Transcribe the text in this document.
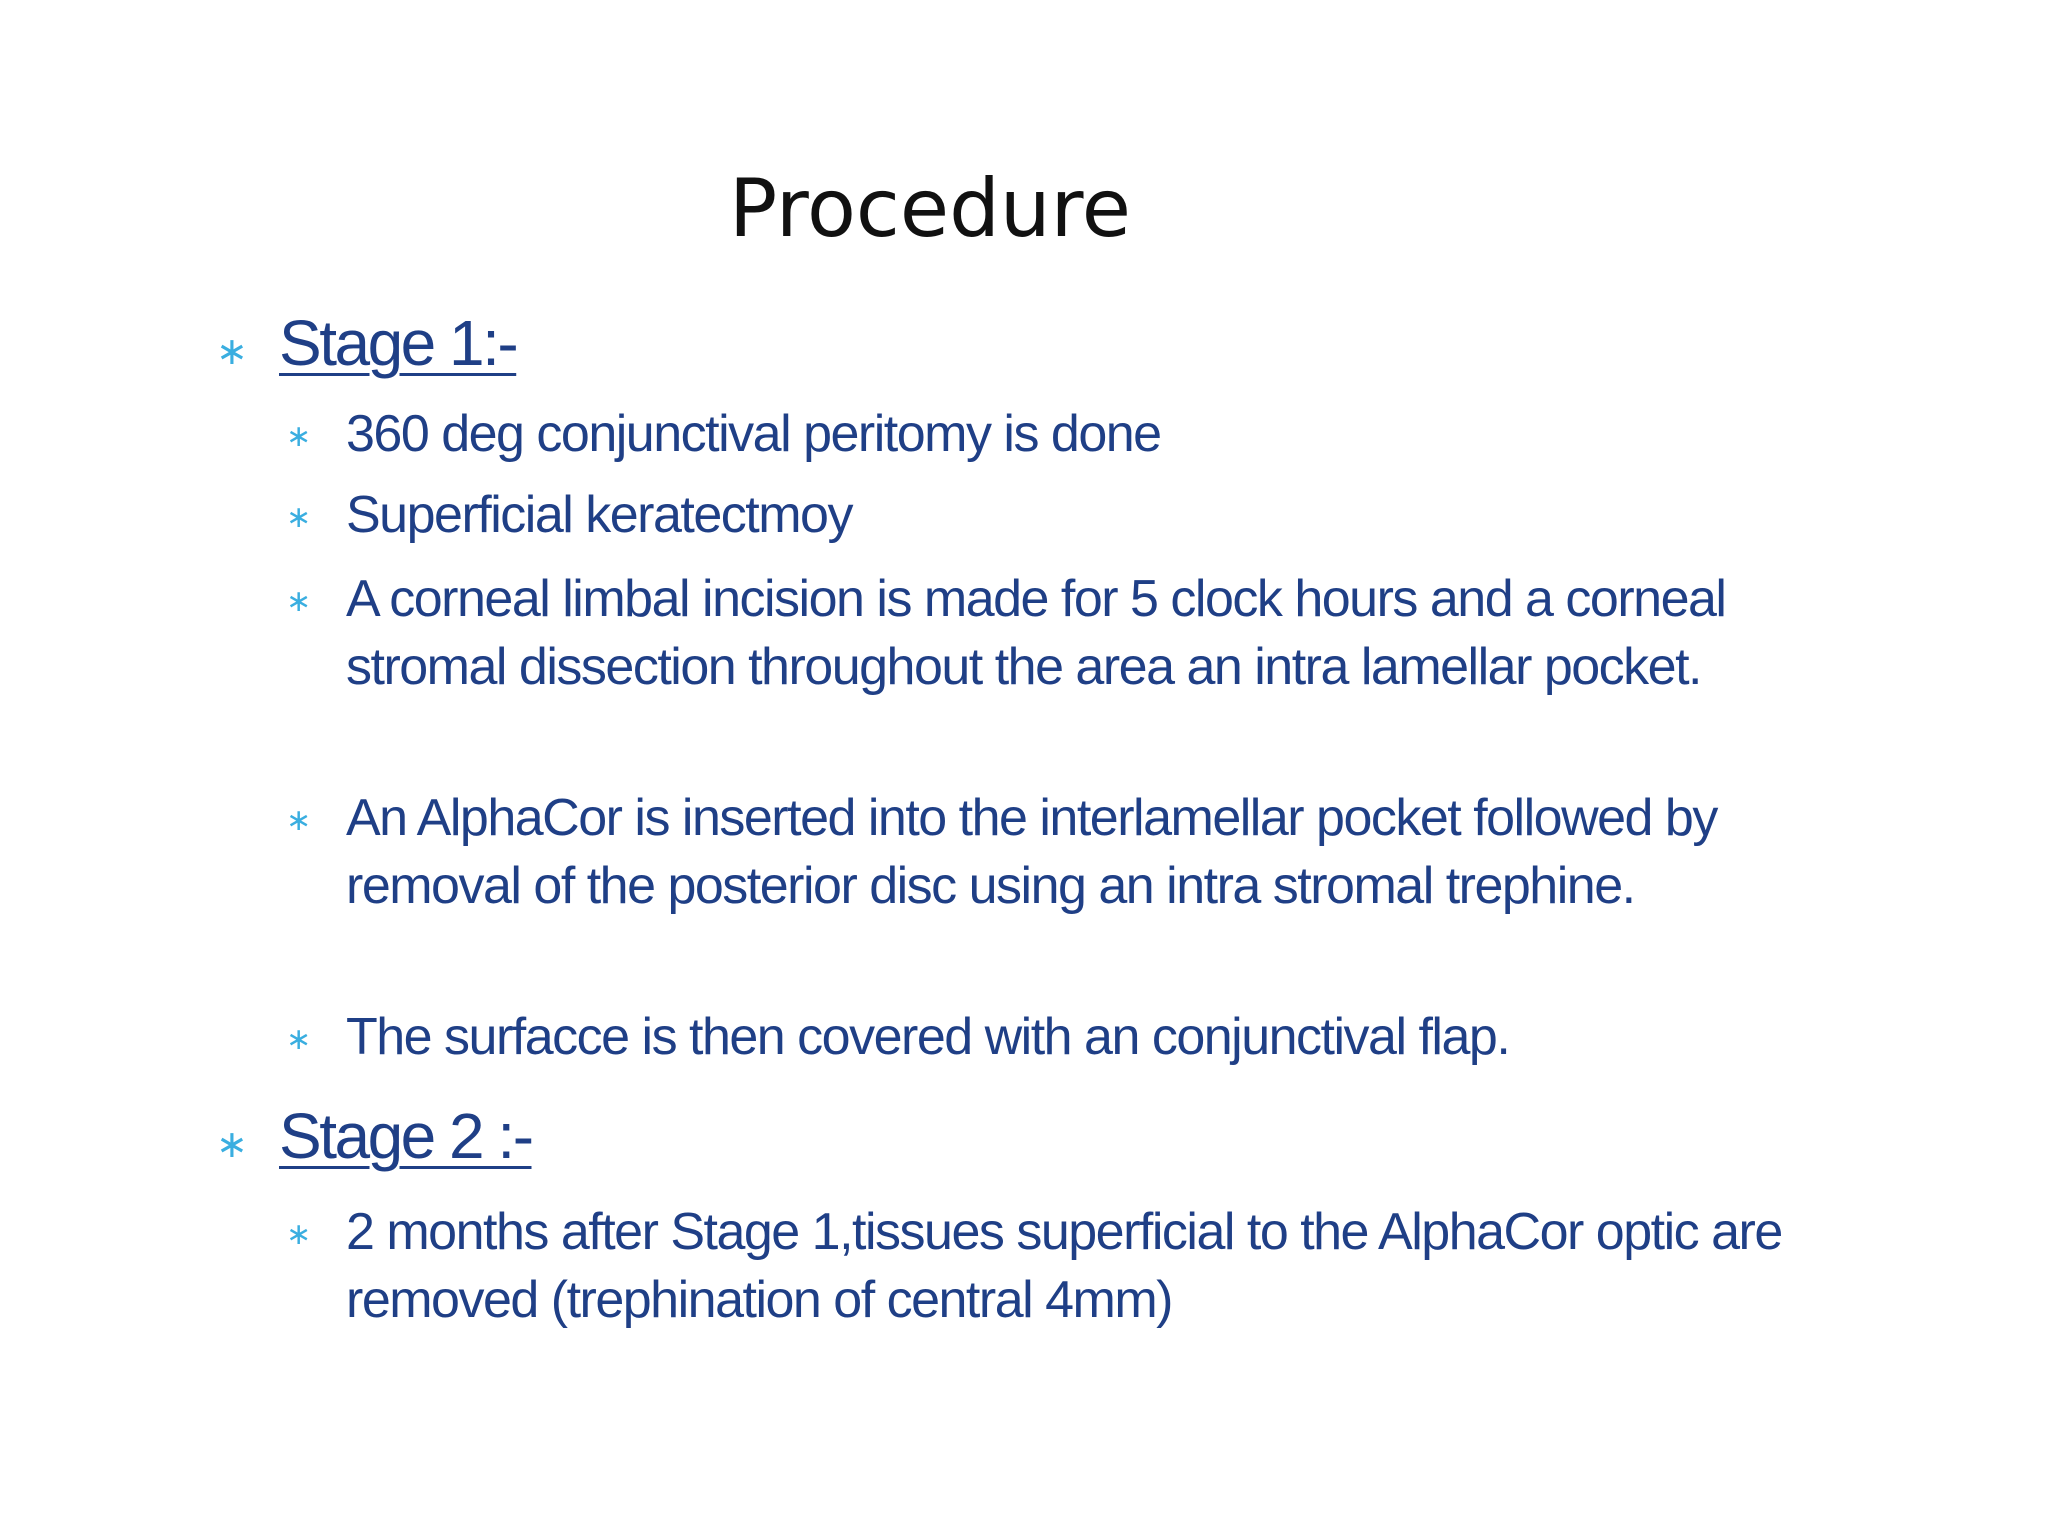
Procedure
∗ Stage 1:-
∗ 360 deg conjunctival peritomy is done
∗ Superficial keratectmoy
∗ A corneal limbal incision is made for 5 clock hours and a corneal stromal dissection throughout the area an intra lamellar pocket.
∗ An AlphaCor is inserted into the interlamellar pocket followed by removal of the posterior disc using an intra stromal trephine.
∗ The surfacce is then covered with an conjunctival flap.
∗ Stage 2 :-
∗ 2 months after Stage 1,tissues superficial to the AlphaCor optic are removed (trephination of central 4mm)
